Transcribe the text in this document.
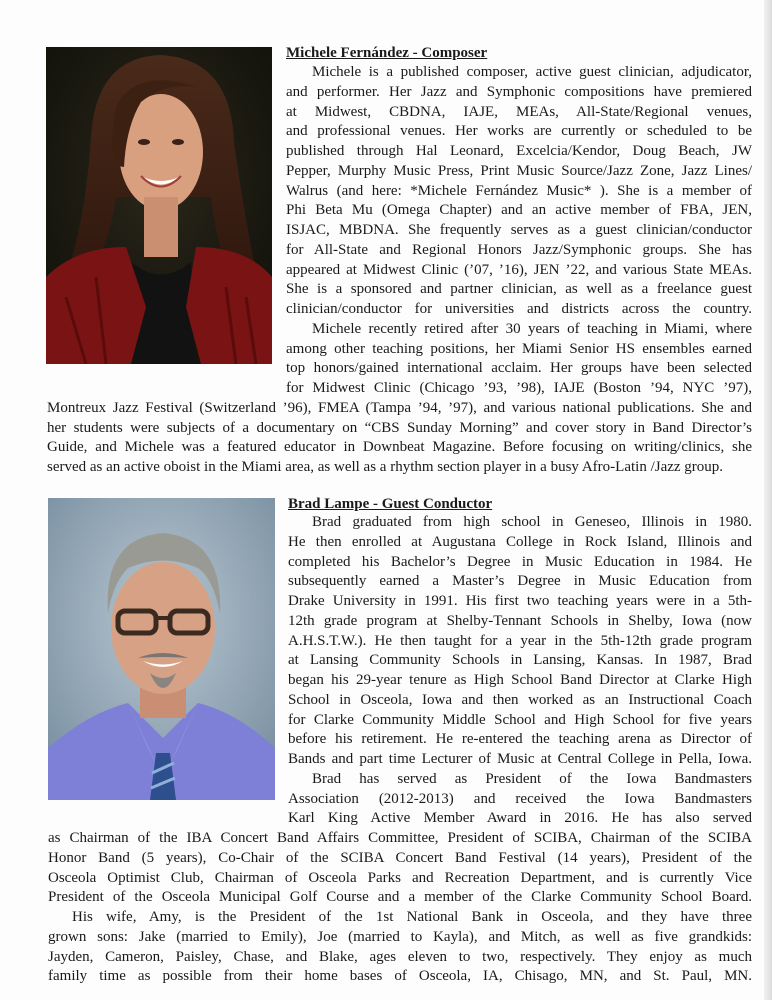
Michele Fernández - Composer
Michele is a published composer, active guest clinician, adjudicator,
and performer. Her Jazz and Symphonic compositions have premiered
at Midwest, CBDNA, IAJE, MEAs, All-State/Regional venues,
and professional venues. Her works are currently or scheduled to be
published through Hal Leonard, Excelcia/Kendor, Doug Beach, JW
Pepper, Murphy Music Press, Print Music Source/Jazz Zone, Jazz Lines/
Walrus (and here: *Michele Fernández Music* ). She is a member of
Phi Beta Mu (Omega Chapter) and an active member of FBA, JEN,
ISJAC, MBDNA. She frequently serves as a guest clinician/conductor
for All-State and Regional Honors Jazz/Symphonic groups. She has
appeared at Midwest Clinic (’07, ’16), JEN ’22, and various State MEAs.
She is a sponsored and partner clinician, as well as a freelance guest
clinician/conductor for universities and districts across the country.
Michele recently retired after 30 years of teaching in Miami, where
among other teaching positions, her Miami Senior HS ensembles earned
top honors/gained international acclaim. Her groups have been selected
for Midwest Clinic (Chicago ’93, ’98), IAJE (Boston ’94, NYC ’97),
Montreux Jazz Festival (Switzerland ’96), FMEA (Tampa ’94, ’97), and various national publications. She and
her students were subjects of a documentary on “CBS Sunday Morning” and cover story in Band Director’s
Guide, and Michele was a featured educator in Downbeat Magazine. Before focusing on writing/clinics, she
served as an active oboist in the Miami area, as well as a rhythm section player in a busy Afro-Latin /Jazz group.
Brad Lampe - Guest Conductor
Brad graduated from high school in Geneseo, Illinois in 1980.
He then enrolled at Augustana College in Rock Island, Illinois and
completed his Bachelor’s Degree in Music Education in 1984. He
subsequently earned a Master’s Degree in Music Education from
Drake University in 1991. His first two teaching years were in a 5th-
12th grade program at Shelby-Tennant Schools in Shelby, Iowa (now
A.H.S.T.W.). He then taught for a year in the 5th-12th grade program
at Lansing Community Schools in Lansing, Kansas. In 1987, Brad
began his 29-year tenure as High School Band Director at Clarke High
School in Osceola, Iowa and then worked as an Instructional Coach
for Clarke Community Middle School and High School for five years
before his retirement. He re-entered the teaching arena as Director of
Bands and part time Lecturer of Music at Central College in Pella, Iowa.
Brad has served as President of the Iowa Bandmasters
Association (2012-2013) and received the Iowa Bandmasters
Karl King Active Member Award in 2016. He has also served
as Chairman of the IBA Concert Band Affairs Committee, President of SCIBA, Chairman of the SCIBA
Honor Band (5 years), Co-Chair of the SCIBA Concert Band Festival (14 years), President of the
Osceola Optimist Club, Chairman of Osceola Parks and Recreation Department, and is currently Vice
President of the Osceola Municipal Golf Course and a member of the Clarke Community School Board.
His wife, Amy, is the President of the 1st National Bank in Osceola, and they have three
grown sons: Jake (married to Emily), Joe (married to Kayla), and Mitch, as well as five grandkids:
Jayden, Cameron, Paisley, Chase, and Blake, ages eleven to two, respectively. They enjoy as much
family time as possible from their home bases of Osceola, IA, Chisago, MN, and St. Paul, MN.
